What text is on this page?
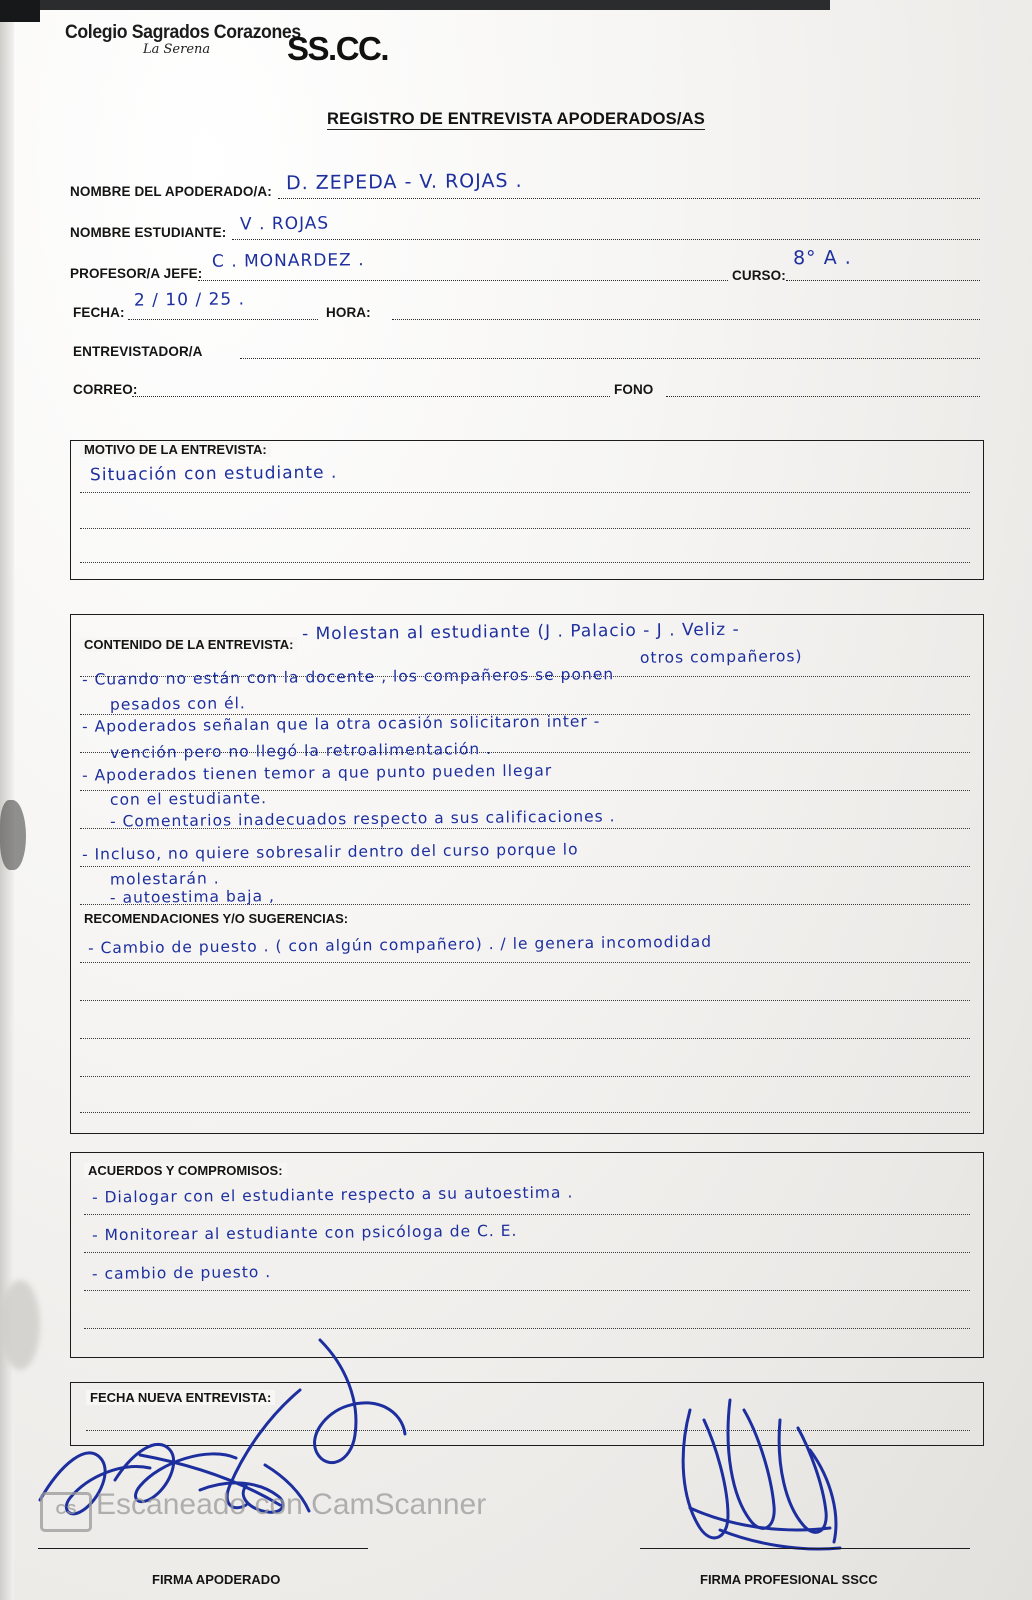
Colegio Sagrados Corazones
La Serena	SS.CC.
REGISTRO DE ENTREVISTA APODERADOS/AS
NOMBRE DEL APODERADO/A: D. ZEPEDA - V. ROJAS .
NOMBRE ESTUDIANTE: V . ROJAS
PROFESOR/A JEFE:
C . MONARDEZ .
CURSO:
8° A .
FECHA:
2 / 10 / 25 .
HORA:
ENTREVISTADOR/A
CORREO:	FONO
MOTIVO DE LA ENTREVISTA:
Situación con estudiante .
CONTENIDO DE LA ENTREVISTA:
- Molestan al estudiante (J . Palacio - J . Veliz -
otros compañeros)
- Cuando no están con la docente , los compañeros se ponen
pesados con él.
- Apoderados señalan que la otra ocasión solicitaron inter -
vención pero no llegó la retroalimentación .
- Apoderados tienen temor a que punto pueden llegar
con el estudiante.
- Comentarios inadecuados respecto a sus calificaciones .
- Incluso, no quiere sobresalir dentro del curso porque lo
molestarán .
- autoestima baja ,
RECOMENDACIONES Y/O SUGERENCIAS:
- Cambio de puesto . ( con algún compañero) . / le genera incomodidad
ACUERDOS Y COMPROMISOS:
- Dialogar con el estudiante respecto a su autoestima .
- Monitorear al estudiante con psicóloga de C. E.
- cambio de puesto .
FECHA NUEVA ENTREVISTA:
FIRMA APODERADO	FIRMA PROFESIONAL SSCC
CS Escaneado con CamScanner
